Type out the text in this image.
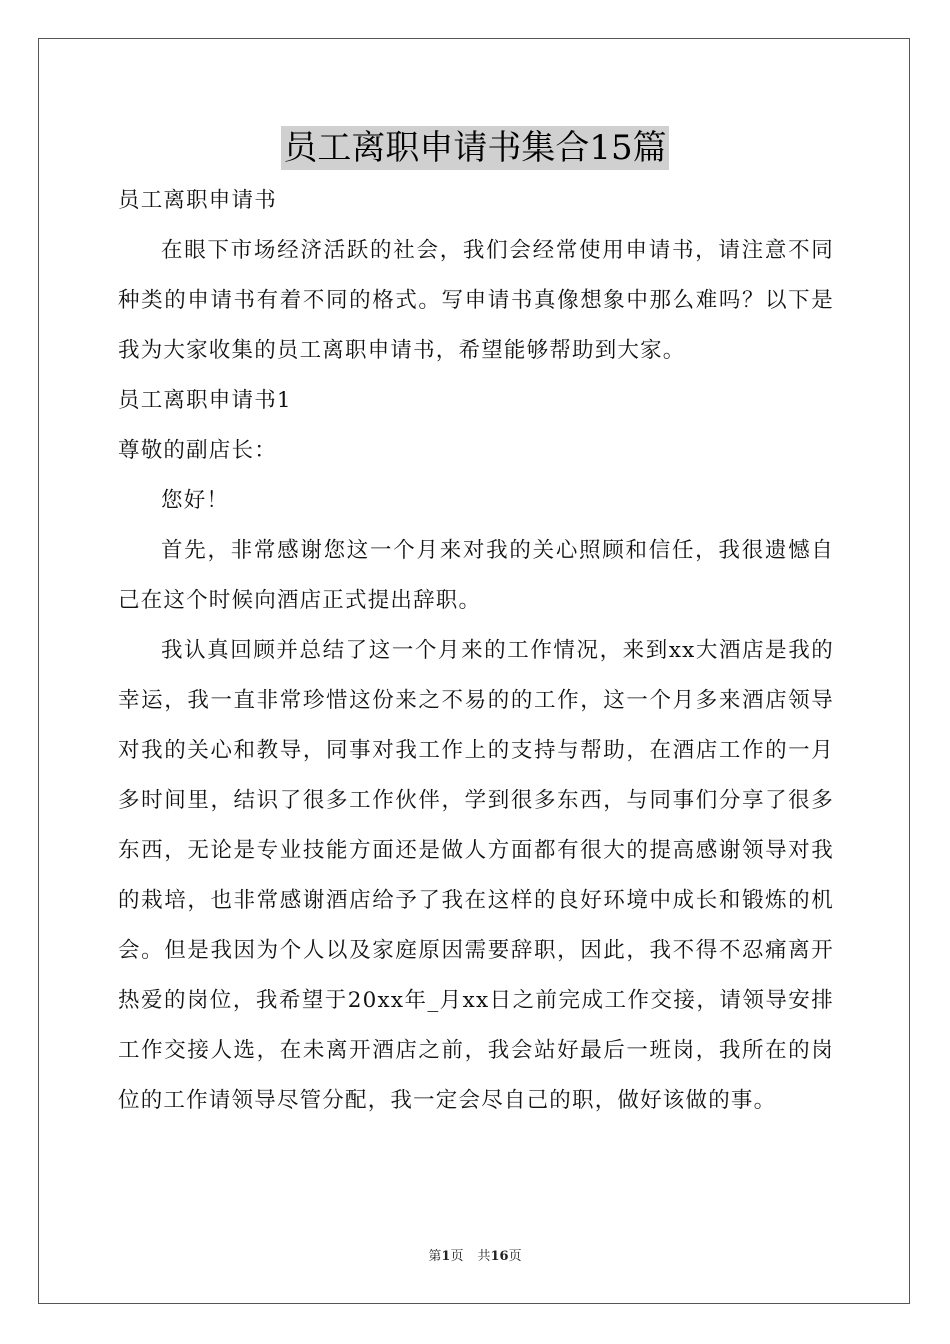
员工离职申请书集合15篇

员工离职申请书

在眼下市场经济活跃的社会，我们会经常使用申请书，请注意不同种类的申请书有着不同的格式。写申请书真像想象中那么难吗？以下是我为大家收集的员工离职申请书，希望能够帮助到大家。

员工离职申请书1

尊敬的副店长：

您好！

首先，非常感谢您这一个月来对我的关心照顾和信任，我很遗憾自己在这个时候向酒店正式提出辞职。

我认真回顾并总结了这一个月来的工作情况，来到xx大酒店是我的幸运，我一直非常珍惜这份来之不易的的工作，这一个月多来酒店领导对我的关心和教导，同事对我工作上的支持与帮助，在酒店工作的一月多时间里，结识了很多工作伙伴，学到很多东西，与同事们分享了很多东西，无论是专业技能方面还是做人方面都有很大的提高感谢领导对我的栽培，也非常感谢酒店给予了我在这样的良好环境中成长和锻炼的机会。但是我因为个人以及家庭原因需要辞职，因此，我不得不忍痛离开热爱的岗位，我希望于20xx年_月xx日之前完成工作交接，请领导安排工作交接人选，在未离开酒店之前，我会站好最后一班岗，我所在的岗位的工作请领导尽管分配，我一定会尽自己的职，做好该做的事。

第1页 共16页
